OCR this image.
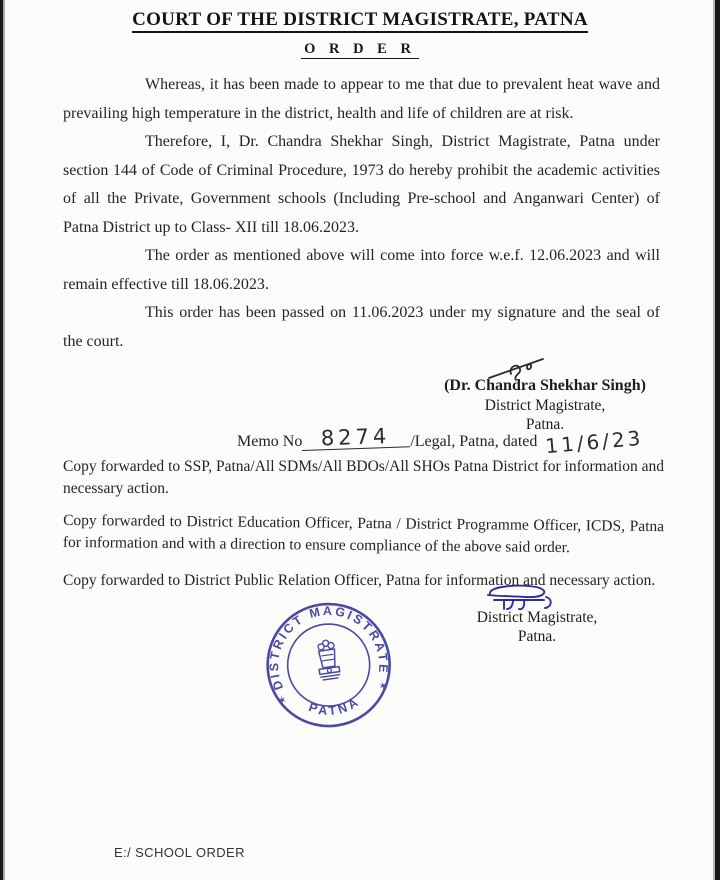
COURT OF THE DISTRICT MAGISTRATE, PATNA
O R D E R

Whereas, it has been made to appear to me that due to prevalent heat wave and prevailing high temperature in the district, health and life of children are at risk.

Therefore, I, Dr. Chandra Shekhar Singh, District Magistrate, Patna under section 144 of Code of Criminal Procedure, 1973 do hereby prohibit the academic activities of all the Private, Government schools (Including Pre-school and Anganwari Center) of Patna District up to Class- XII till 18.06.2023.

The order as mentioned above will come into force w.e.f. 12.06.2023 and will remain effective till 18.06.2023.

This order has been passed on 11.06.2023 under my signature and the seal of the court.

(Dr. Chandra Shekhar Singh)
District Magistrate,
Patna.
Memo No 8274 /Legal, Patna, dated 11/6/23

Copy forwarded to SSP, Patna/All SDMs/All BDOs/All SHOs Patna District for information and necessary action.

Copy forwarded to District Education Officer, Patna / District Programme Officer, ICDS, Patna for information and with a direction to ensure compliance of the above said order.

Copy forwarded to District Public Relation Officer, Patna for information and necessary action.

District Magistrate,
Patna.
DISTRICT MAGISTRATE
PATNA
✶
✶
E:/ SCHOOL ORDER
